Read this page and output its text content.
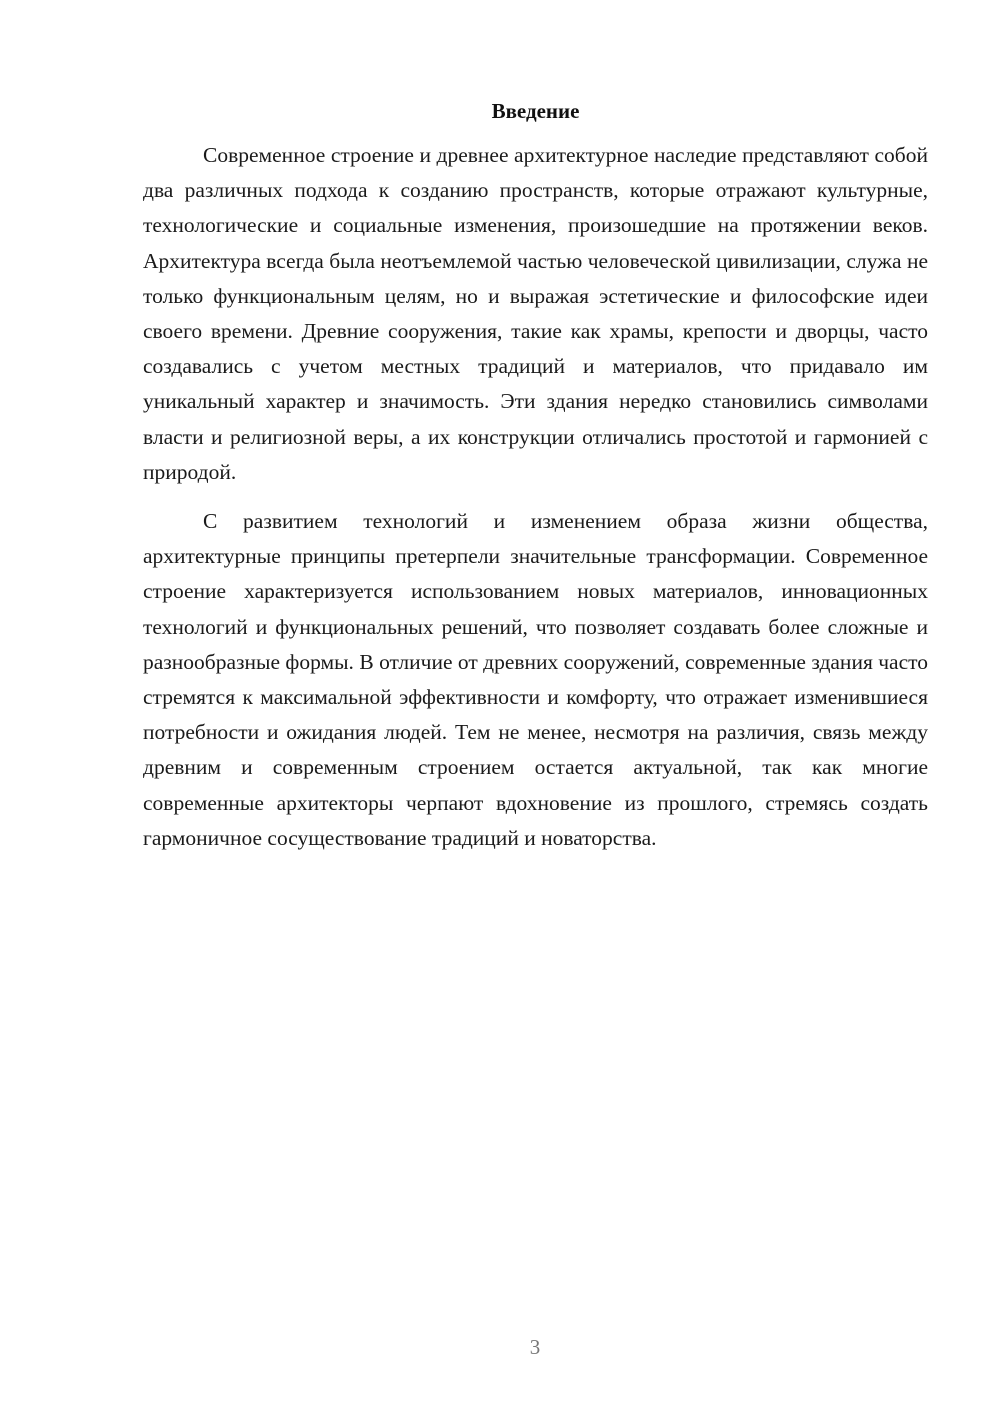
Введение

Современное строение и древнее архитектурное наследие представляют собой два различных подхода к созданию пространств, которые отражают культурные, технологические и социальные изменения, произошедшие на протяжении веков. Архитектура всегда была неотъемлемой частью человеческой цивилизации, служа не только функциональным целям, но и выражая эстетические и философские идеи своего времени. Древние сооружения, такие как храмы, крепости и дворцы, часто создавались с учетом местных традиций и материалов, что придавало им уникальный характер и значимость. Эти здания нередко становились символами власти и религиозной веры, а их конструкции отличались простотой и гармонией с природой.

С развитием технологий и изменением образа жизни общества, архитектурные принципы претерпели значительные трансформации. Современное строение характеризуется использованием новых материалов, инновационных технологий и функциональных решений, что позволяет создавать более сложные и разнообразные формы. В отличие от древних сооружений, современные здания часто стремятся к максимальной эффективности и комфорту, что отражает изменившиеся потребности и ожидания людей. Тем не менее, несмотря на различия, связь между древним и современным строением остается актуальной, так как многие современные архитекторы черпают вдохновение из прошлого, стремясь создать гармоничное сосуществование традиций и новаторства.

3
